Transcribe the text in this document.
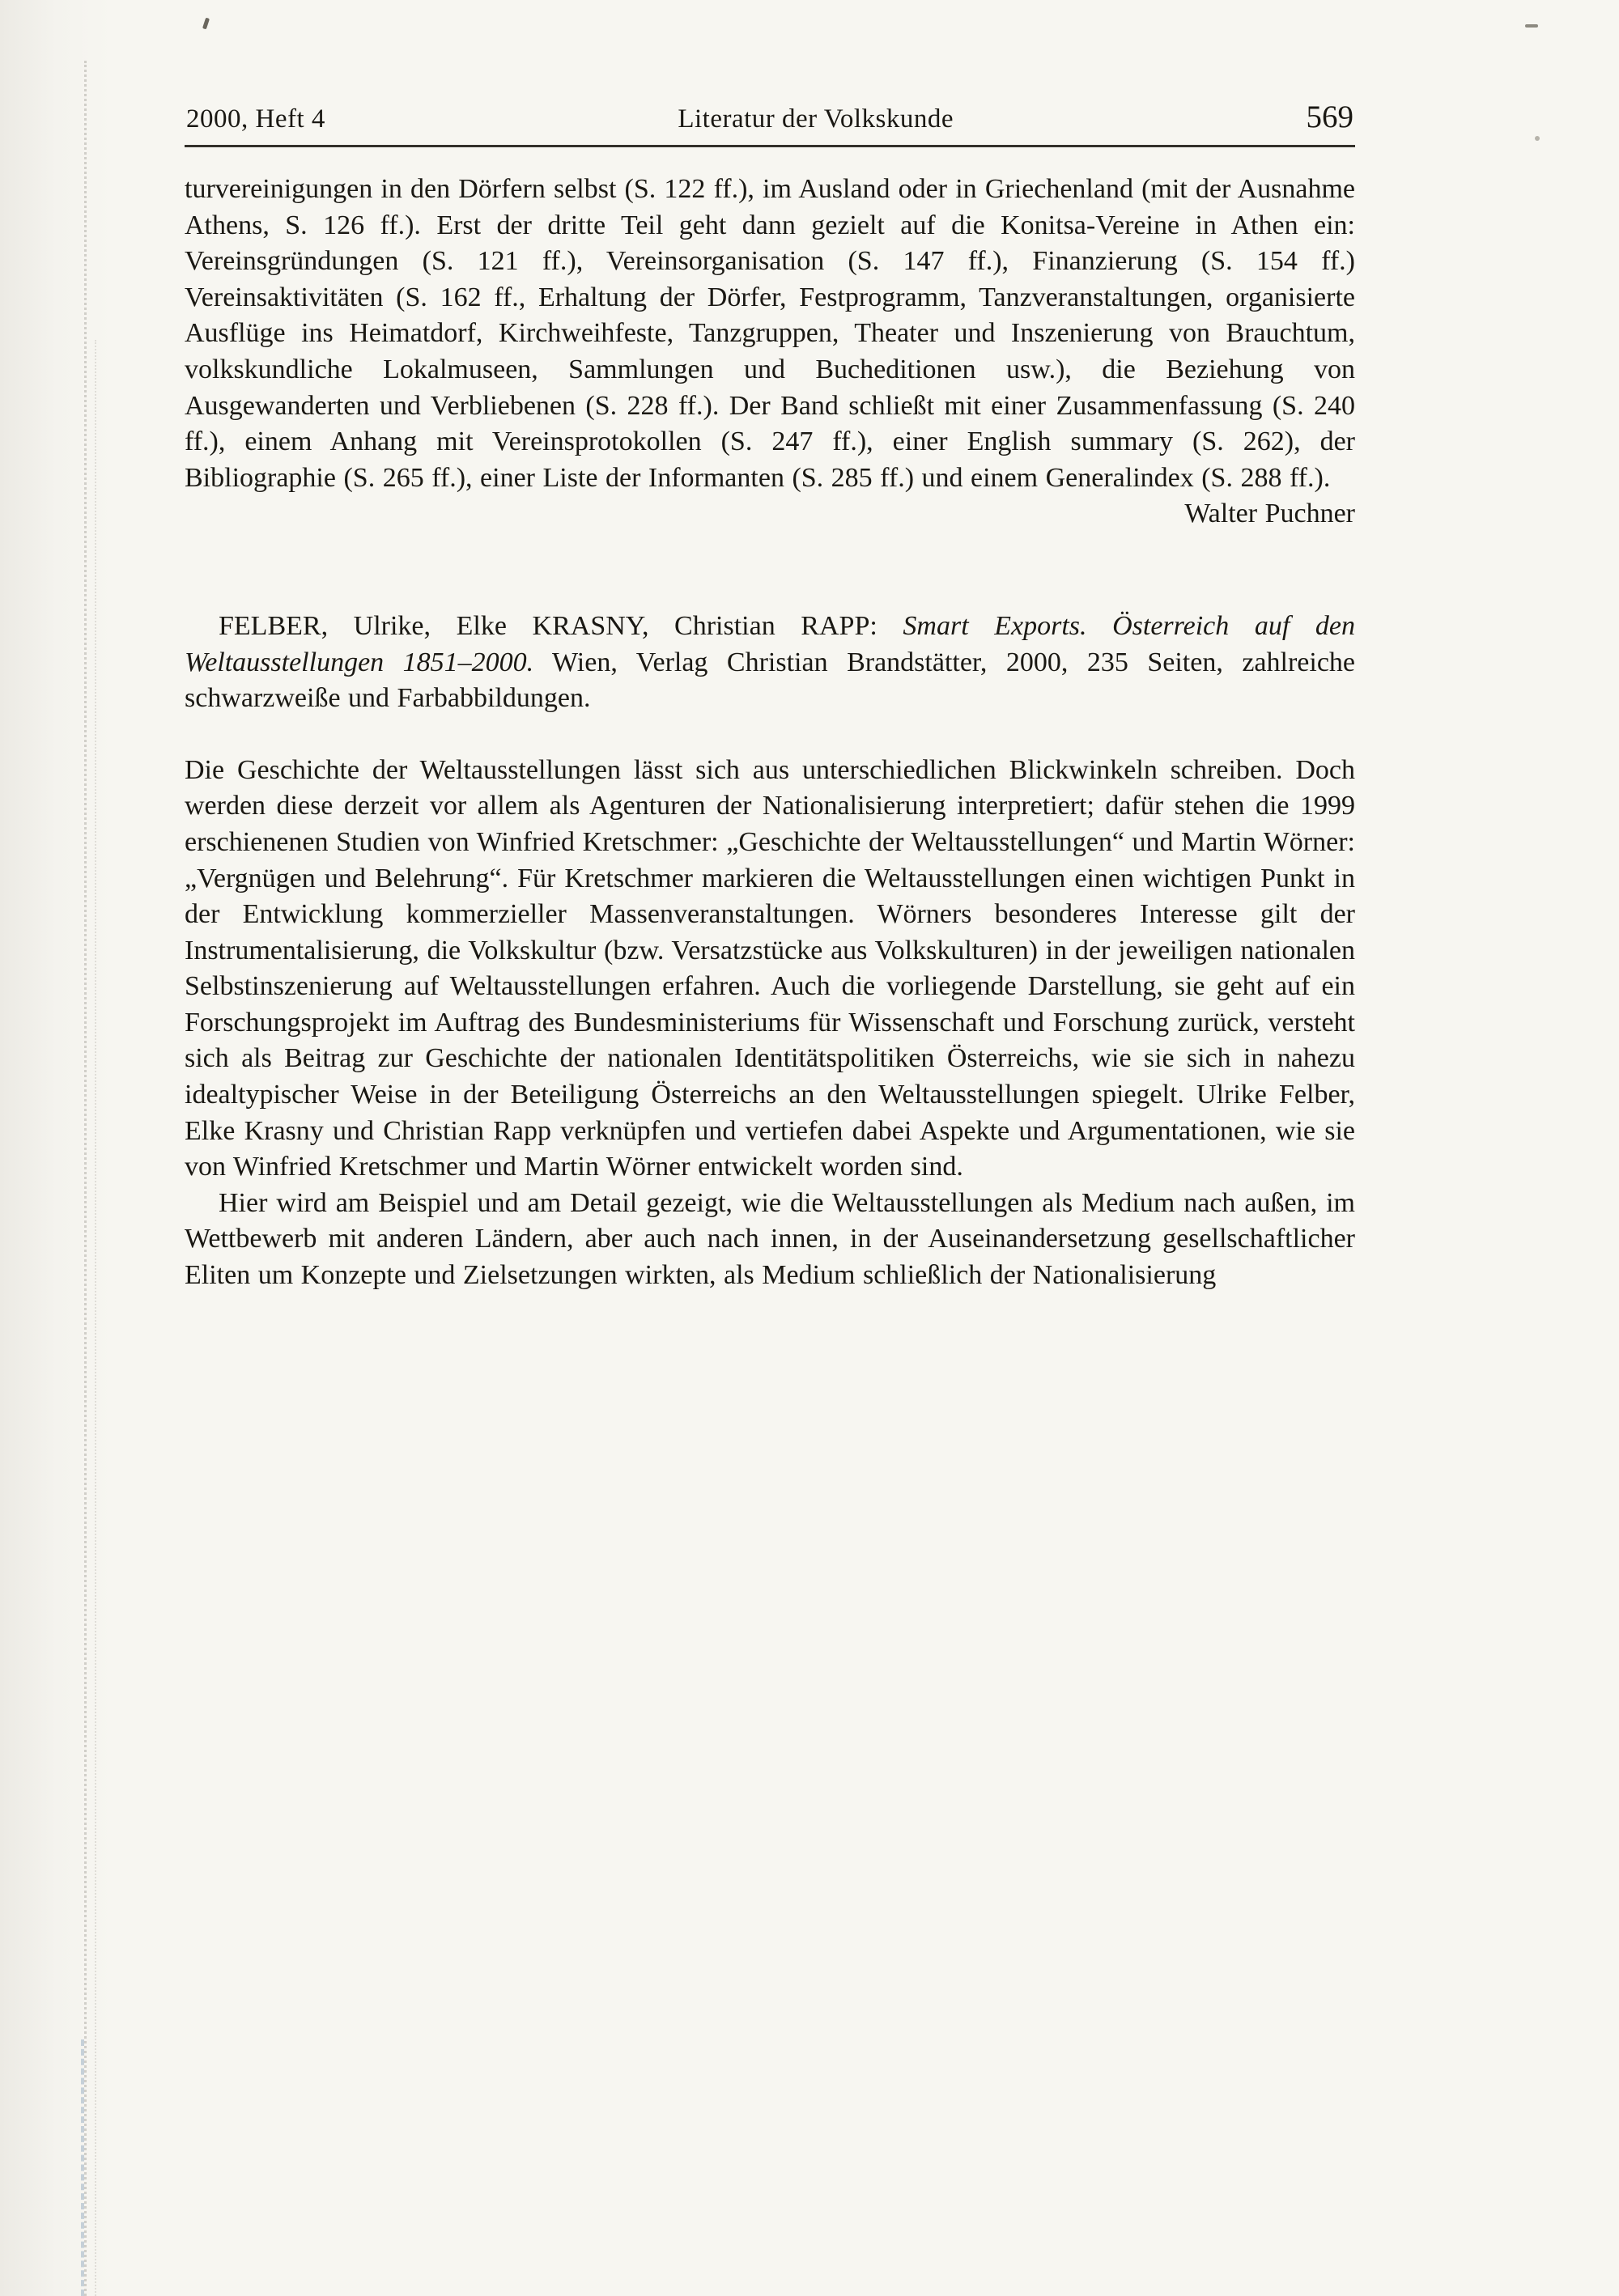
2000, Heft 4	Literatur der Volkskunde	569

turvereinigungen in den Dörfern selbst (S. 122 ff.), im Ausland oder in Griechenland (mit der Ausnahme Athens, S. 126 ff.). Erst der dritte Teil geht dann gezielt auf die Konitsa-Vereine in Athen ein: Vereinsgründungen (S. 121 ff.), Vereinsorganisation (S. 147 ff.), Finanzierung (S. 154 ff.) Vereinsaktivitäten (S. 162 ff., Erhaltung der Dörfer, Festprogramm, Tanzveranstaltungen, organisierte Ausflüge ins Heimatdorf, Kirchweihfeste, Tanzgruppen, Theater und Inszenierung von Brauchtum, volkskundliche Lokalmuseen, Sammlungen und Bucheditionen usw.), die Beziehung von Ausgewanderten und Verbliebenen (S. 228 ff.). Der Band schließt mit einer Zusammenfassung (S. 240 ff.), einem Anhang mit Vereinsprotokollen (S. 247 ff.), einer English summary (S. 262), der Bibliographie (S. 265 ff.), einer Liste der Informanten (S. 285 ff.) und einem Generalindex (S. 288 ff.).

Walter Puchner

FELBER, Ulrike, Elke KRASNY, Christian RAPP: Smart Exports. Österreich auf den Weltausstellungen 1851–2000. Wien, Verlag Christian Brandstätter, 2000, 235 Seiten, zahlreiche schwarzweiße und Farbabbildungen.

Die Geschichte der Weltausstellungen lässt sich aus unterschiedlichen Blickwinkeln schreiben. Doch werden diese derzeit vor allem als Agenturen der Nationalisierung interpretiert; dafür stehen die 1999 erschienenen Studien von Winfried Kretschmer: „Geschichte der Weltausstellungen“ und Martin Wörner: „Vergnügen und Belehrung“. Für Kretschmer markieren die Weltausstellungen einen wichtigen Punkt in der Entwicklung kommerzieller Massenveranstaltungen. Wörners besonderes Interesse gilt der Instrumentalisierung, die Volkskultur (bzw. Versatzstücke aus Volkskulturen) in der jeweiligen nationalen Selbstinszenierung auf Weltausstellungen erfahren. Auch die vorliegende Darstellung, sie geht auf ein Forschungsprojekt im Auftrag des Bundesministeriums für Wissenschaft und Forschung zurück, versteht sich als Beitrag zur Geschichte der nationalen Identitätspolitiken Österreichs, wie sie sich in nahezu idealtypischer Weise in der Beteiligung Österreichs an den Weltausstellungen spiegelt. Ulrike Felber, Elke Krasny und Christian Rapp verknüpfen und vertiefen dabei Aspekte und Argumentationen, wie sie von Winfried Kretschmer und Martin Wörner entwickelt worden sind.

Hier wird am Beispiel und am Detail gezeigt, wie die Weltausstellungen als Medium nach außen, im Wettbewerb mit anderen Ländern, aber auch nach innen, in der Auseinandersetzung gesellschaftlicher Eliten um Konzepte und Zielsetzungen wirkten, als Medium schließlich der Nationalisierung
